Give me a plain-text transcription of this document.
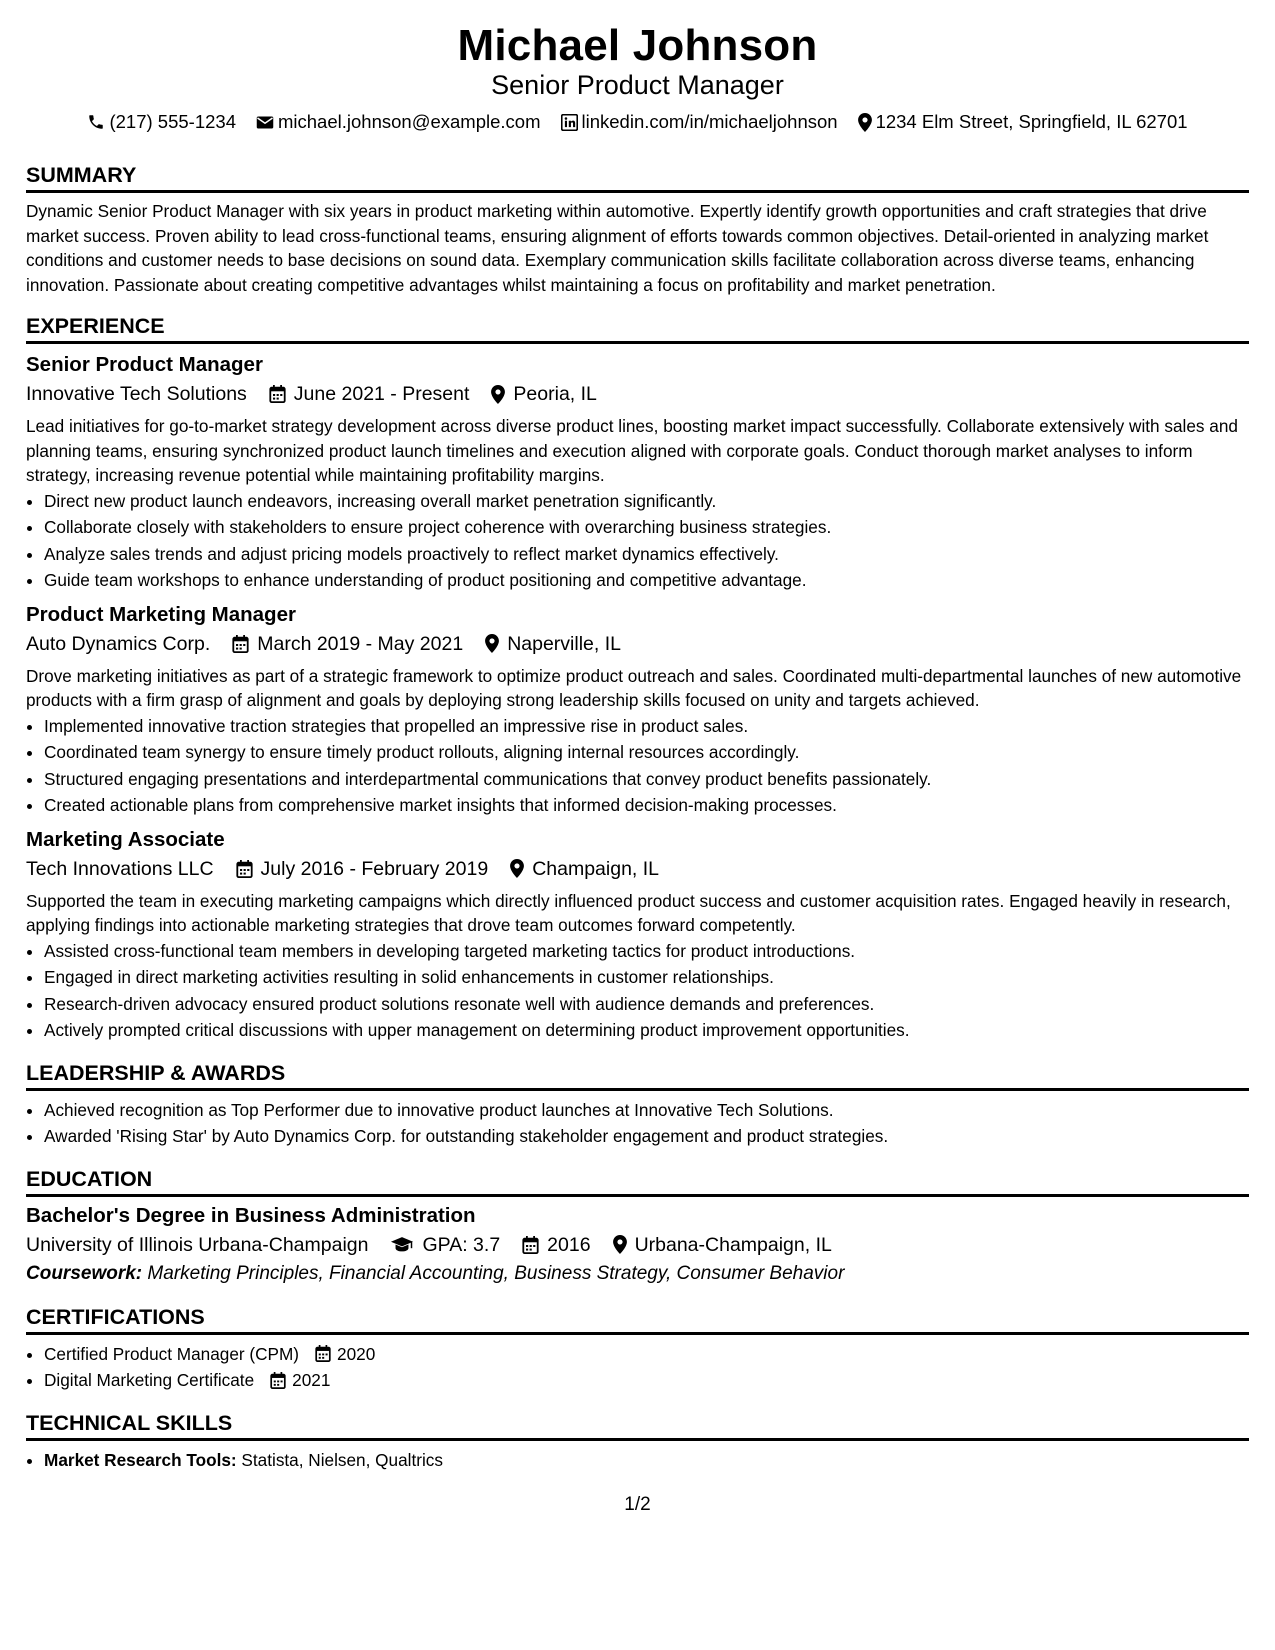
Michael Johnson
Senior Product Manager
(217) 555-1234 michael.johnson@example.com linkedin.com/in/michaeljohnson 1234 Elm Street, Springfield, IL 62701
SUMMARY
Dynamic Senior Product Manager with six years in product marketing within automotive. Expertly identify growth opportunities and craft strategies that drive market success. Proven ability to lead cross-functional teams, ensuring alignment of efforts towards common objectives. Detail-oriented in analyzing market conditions and customer needs to base decisions on sound data. Exemplary communication skills facilitate collaboration across diverse teams, enhancing innovation. Passionate about creating competitive advantages whilst maintaining a focus on profitability and market penetration.
EXPERIENCE
Senior Product Manager
Innovative Tech Solutions June 2021 - Present Peoria, IL
Lead initiatives for go-to-market strategy development across diverse product lines, boosting market impact successfully. Collaborate extensively with sales and planning teams, ensuring synchronized product launch timelines and execution aligned with corporate goals. Conduct thorough market analyses to inform strategy, increasing revenue potential while maintaining profitability margins.
• Direct new product launch endeavors, increasing overall market penetration significantly.
• Collaborate closely with stakeholders to ensure project coherence with overarching business strategies.
• Analyze sales trends and adjust pricing models proactively to reflect market dynamics effectively.
• Guide team workshops to enhance understanding of product positioning and competitive advantage.
Product Marketing Manager
Auto Dynamics Corp. March 2019 - May 2021 Naperville, IL
Drove marketing initiatives as part of a strategic framework to optimize product outreach and sales. Coordinated multi-departmental launches of new automotive products with a firm grasp of alignment and goals by deploying strong leadership skills focused on unity and targets achieved.
• Implemented innovative traction strategies that propelled an impressive rise in product sales.
• Coordinated team synergy to ensure timely product rollouts, aligning internal resources accordingly.
• Structured engaging presentations and interdepartmental communications that convey product benefits passionately.
• Created actionable plans from comprehensive market insights that informed decision-making processes.
Marketing Associate
Tech Innovations LLC July 2016 - February 2019 Champaign, IL
Supported the team in executing marketing campaigns which directly influenced product success and customer acquisition rates. Engaged heavily in research, applying findings into actionable marketing strategies that drove team outcomes forward competently.
• Assisted cross-functional team members in developing targeted marketing tactics for product introductions.
• Engaged in direct marketing activities resulting in solid enhancements in customer relationships.
• Research-driven advocacy ensured product solutions resonate well with audience demands and preferences.
• Actively prompted critical discussions with upper management on determining product improvement opportunities.
LEADERSHIP & AWARDS
• Achieved recognition as Top Performer due to innovative product launches at Innovative Tech Solutions.
• Awarded 'Rising Star' by Auto Dynamics Corp. for outstanding stakeholder engagement and product strategies.
EDUCATION
Bachelor's Degree in Business Administration
University of Illinois Urbana-Champaign	GPA: 3.7 2016 Urbana-Champaign, IL
Coursework: Marketing Principles, Financial Accounting, Business Strategy, Consumer Behavior
CERTIFICATIONS
• Certified Product Manager (CPM) 2020
• Digital Marketing Certificate 2021
TECHNICAL SKILLS
• Market Research Tools: Statista, Nielsen, Qualtrics
1/2
